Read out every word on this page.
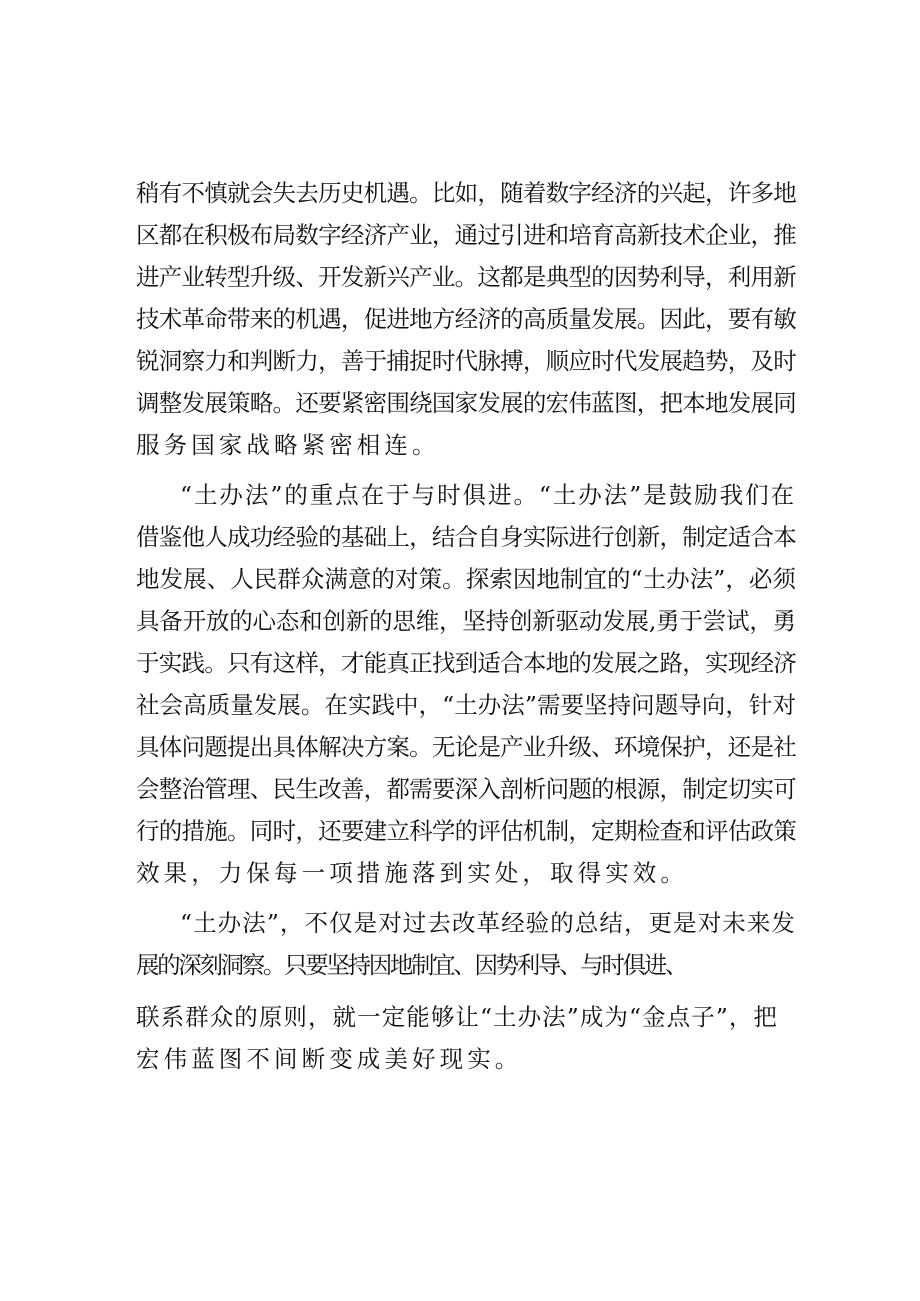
稍有不慎就会失去历史机遇。比如，随着数字经济的兴起，许多地
区都在积极布局数字经济产业，通过引进和培育高新技术企业，推
进产业转型升级、开发新兴产业。这都是典型的因势利导，利用新
技术革命带来的机遇，促进地方经济的高质量发展。因此，要有敏
锐洞察力和判断力，善于捕捉时代脉搏，顺应时代发展趋势，及时
调整发展策略。还要紧密围绕国家发展的宏伟蓝图，把本地发展同
服务国家战略紧密相连。
“土办法”的重点在于与时俱进。“土办法”是鼓励我们在
借鉴他人成功经验的基础上，结合自身实际进行创新，制定适合本
地发展、人民群众满意的对策。探索因地制宜的“土办法”，必须
具备开放的心态和创新的思维，坚持创新驱动发展,勇于尝试，勇
于实践。只有这样，才能真正找到适合本地的发展之路，实现经济
社会高质量发展。在实践中，“土办法”需要坚持问题导向，针对
具体问题提出具体解决方案。无论是产业升级、环境保护，还是社
会整治管理、民生改善，都需要深入剖析问题的根源，制定切实可
行的措施。同时，还要建立科学的评估机制，定期检查和评估政策
效果，力保每一项措施落到实处，取得实效。
“土办法”，不仅是对过去改革经验的总结，更是对未来发
展的深刻洞察。只要坚持因地制宜、因势利导、与时俱进、
联系群众的原则，就一定能够让“土办法”成为“金点子”，把
宏伟蓝图不间断变成美好现实。
